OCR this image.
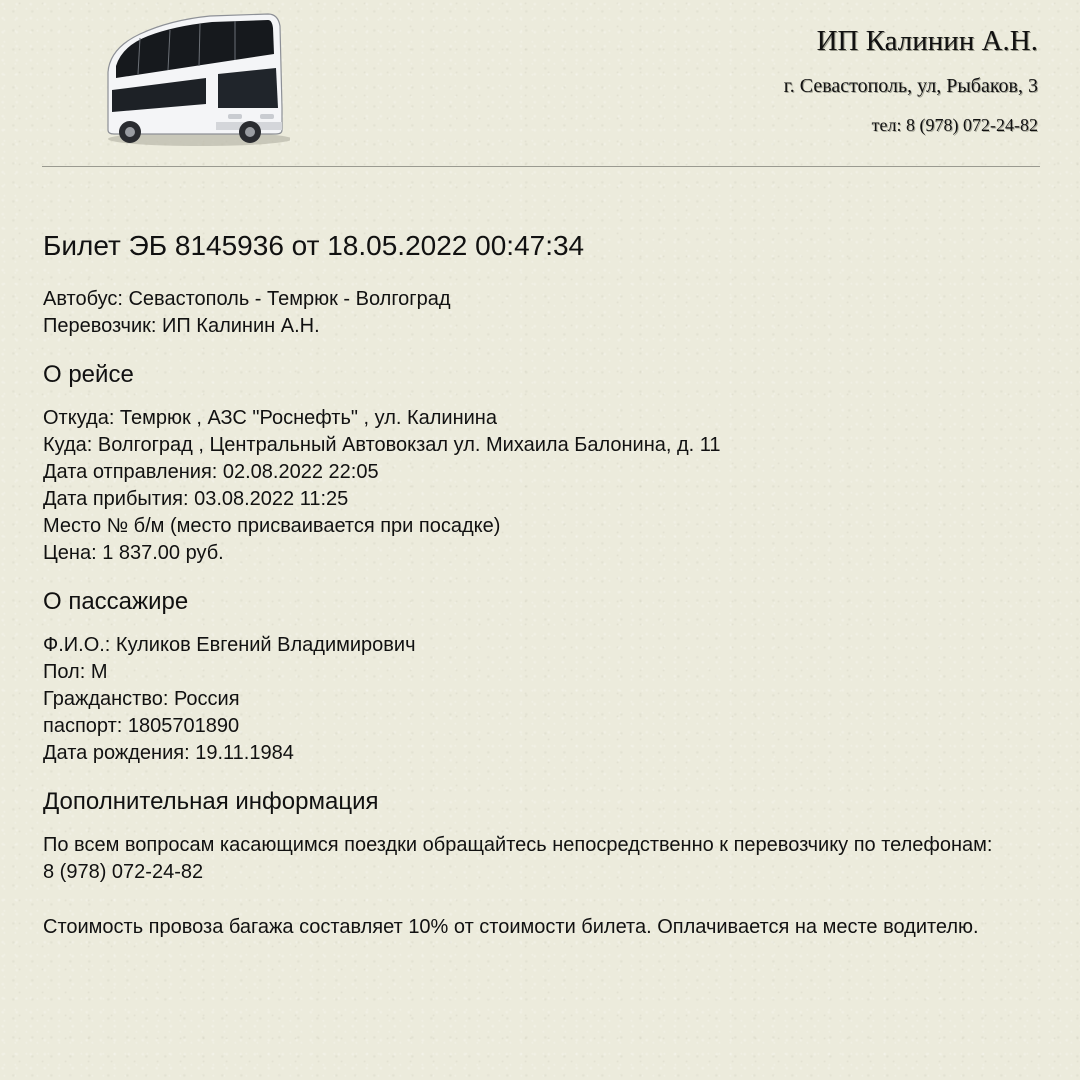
ИП Калинин А.Н.
г. Севастополь, ул, Рыбаков, 3
тел: 8 (978) 072-24-82
Билет ЭБ 8145936 от 18.05.2022 00:47:34
Автобус: Севастополь - Темрюк - Волгоград
Перевозчик: ИП Калинин А.Н.
О рейсе
Откуда: Темрюк , АЗС "Роснефть" , ул. Калинина
Куда: Волгоград , Центральный Автовокзал ул. Михаила Балонина, д. 11
Дата отправления: 02.08.2022 22:05
Дата прибытия: 03.08.2022 11:25
Место № б/м (место присваивается при посадке)
Цена: 1 837.00 руб.
О пассажире
Ф.И.О.: Куликов Евгений Владимирович
Пол: М
Гражданство: Россия
паспорт: 1805701890
Дата рождения: 19.11.1984
Дополнительная информация

По всем вопросам касающимся поездки обращайтесь непосредственно к перевозчику по телефонам: 8 (978) 072-24-82

Стоимость провоза багажа составляет 10% от стоимости билета. Оплачивается на месте водителю.
